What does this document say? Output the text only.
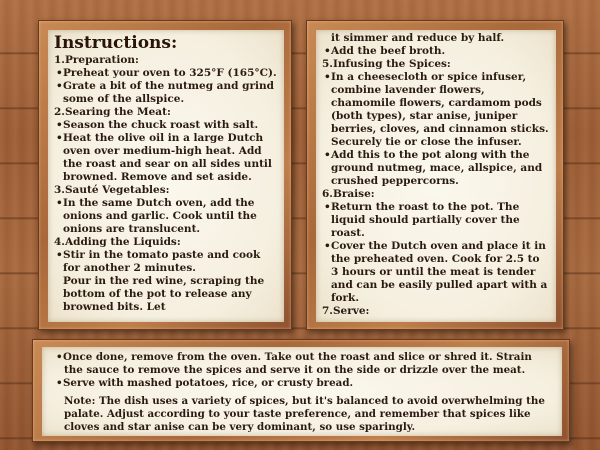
Instructions:
1.Preparation:
•Preheat your oven to 325°F (165°C).
•Grate a bit of the nutmeg and grind some of the allspice.
2.Searing the Meat:
•Season the chuck roast with salt.
•Heat the olive oil in a large Dutch oven over medium-high heat. Add the roast and sear on all sides until browned. Remove and set aside.
3.Sauté Vegetables:
•In the same Dutch oven, add the onions and garlic. Cook until the onions are translucent.
4.Adding the Liquids:
•Stir in the tomato paste and cook for another 2 minutes.
Pour in the red wine, scraping the bottom of the pot to release any browned bits. Let
it simmer and reduce by half.
•Add the beef broth.
5.Infusing the Spices:
•In a cheesecloth or spice infuser, combine lavender flowers, chamomile flowers, cardamom pods (both types), star anise, juniper berries, cloves, and cinnamon sticks. Securely tie or close the infuser.
•Add this to the pot along with the ground nutmeg, mace, allspice, and crushed peppercorns.
6.Braise:
•Return the roast to the pot. The liquid should partially cover the roast.
•Cover the Dutch oven and place it in the preheated oven. Cook for 2.5 to 3 hours or until the meat is tender and can be easily pulled apart with a fork.
7.Serve:
•Once done, remove from the oven. Take out the roast and slice or shred it. Strain the sauce to remove the spices and serve it on the side or drizzle over the meat.
•Serve with mashed potatoes, rice, or crusty bread.
Note: The dish uses a variety of spices, but it's balanced to avoid overwhelming the palate. Adjust according to your taste preference, and remember that spices like cloves and star anise can be very dominant, so use sparingly.
